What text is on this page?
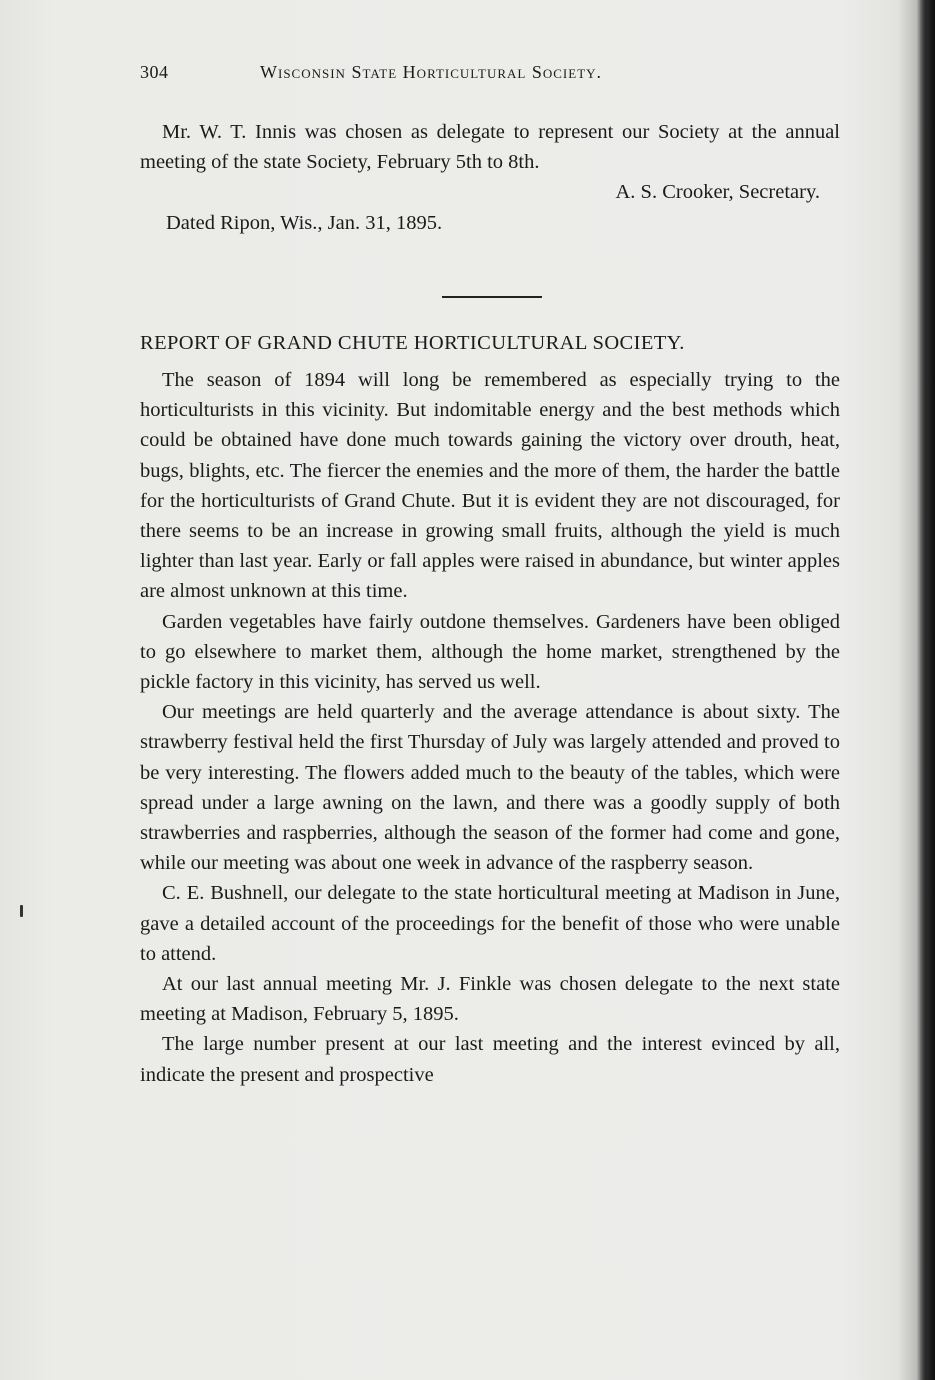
304	Wisconsin State Horticultural Society.

Mr. W. T. Innis was chosen as delegate to represent our Society at the annual meeting of the state Society, February 5th to 8th.

A. S. Crooker, Secretary.

Dated Ripon, Wis., Jan. 31, 1895.

REPORT OF GRAND CHUTE HORTICULTURAL SOCIETY.

The season of 1894 will long be remembered as especially trying to the horticulturists in this vicinity. But indomitable energy and the best methods which could be obtained have done much towards gaining the victory over drouth, heat, bugs, blights, etc. The fiercer the enemies and the more of them, the harder the battle for the horticulturists of Grand Chute. But it is evident they are not discouraged, for there seems to be an increase in growing small fruits, although the yield is much lighter than last year. Early or fall apples were raised in abundance, but winter apples are almost unknown at this time.

Garden vegetables have fairly outdone themselves. Gardeners have been obliged to go elsewhere to market them, although the home market, strengthened by the pickle factory in this vicinity, has served us well.

Our meetings are held quarterly and the average attendance is about sixty. The strawberry festival held the first Thursday of July was largely attended and proved to be very interesting. The flowers added much to the beauty of the tables, which were spread under a large awning on the lawn, and there was a goodly supply of both strawberries and raspberries, although the season of the former had come and gone, while our meeting was about one week in advance of the raspberry season.

C. E. Bushnell, our delegate to the state horticultural meeting at Madison in June, gave a detailed account of the proceedings for the benefit of those who were unable to attend.

At our last annual meeting Mr. J. Finkle was chosen delegate to the next state meeting at Madison, February 5, 1895.

The large number present at our last meeting and the interest evinced by all, indicate the present and prospective
